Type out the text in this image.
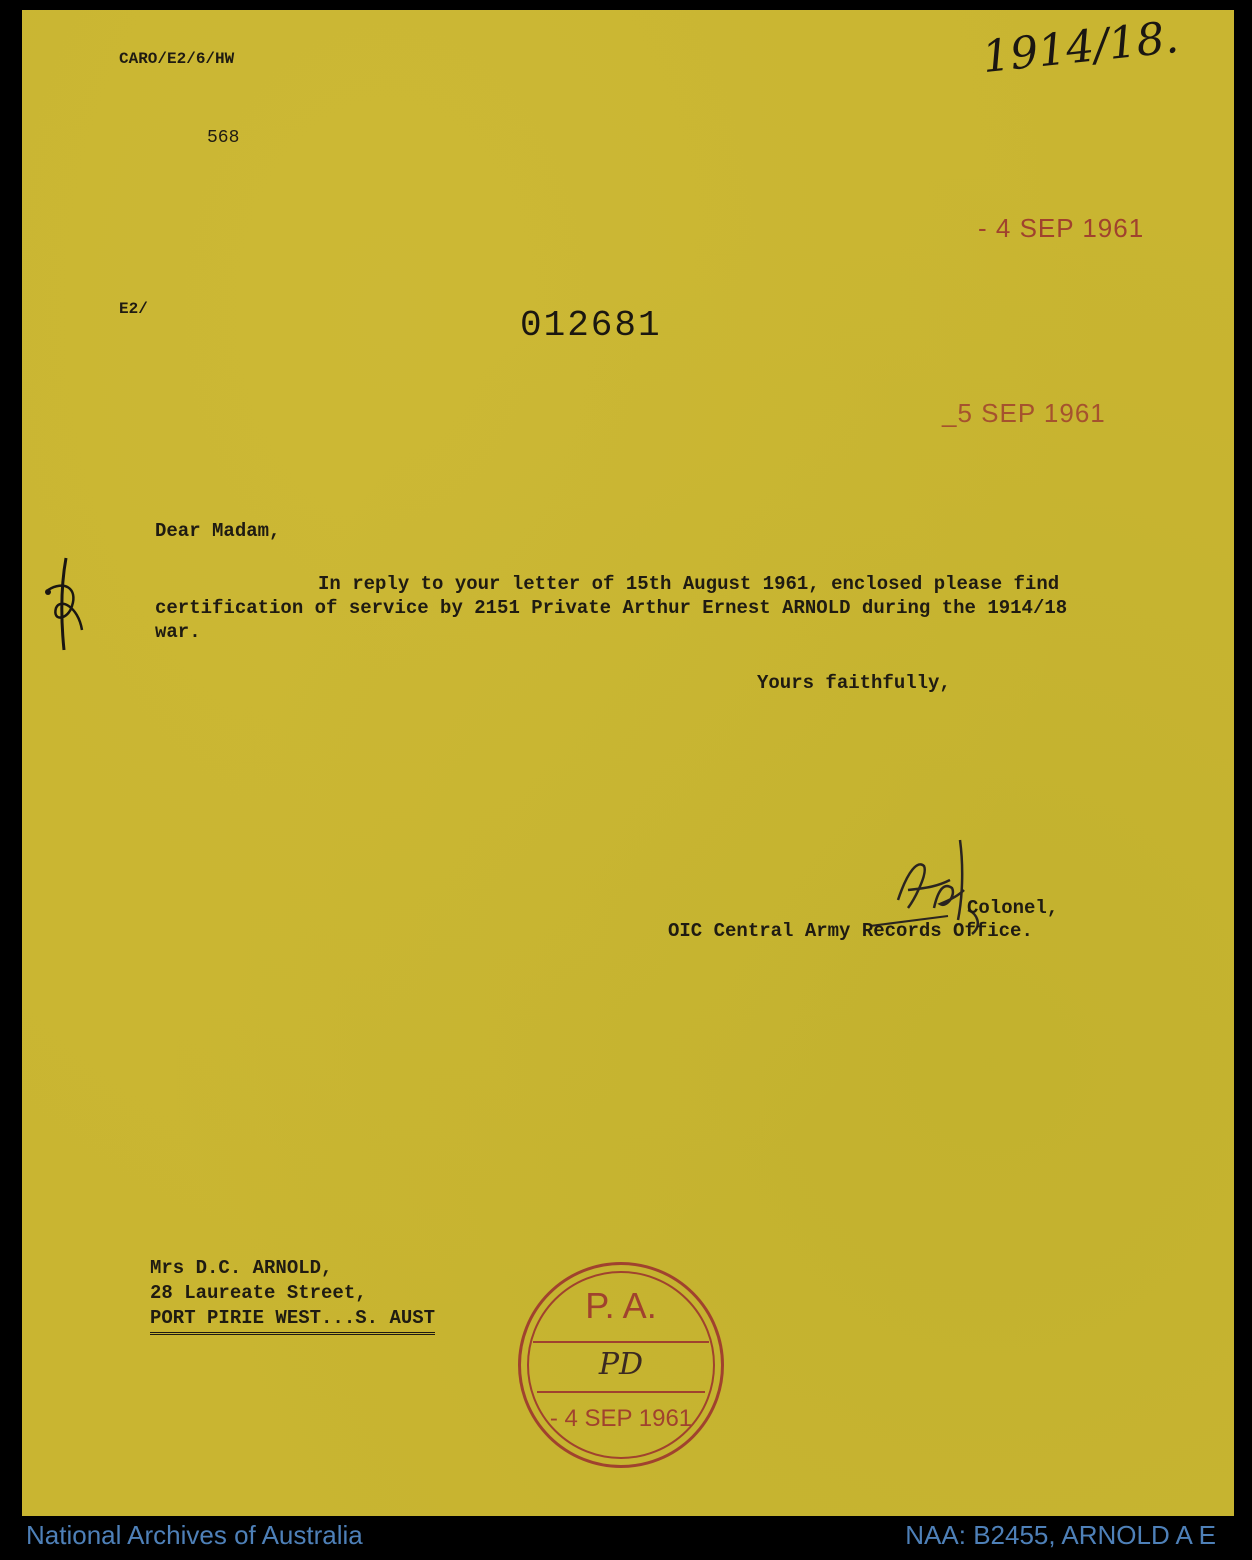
CARO/E2/6/HW
568
1914/18.
- 4 SEP 1961
E2/	012681
_5 SEP 1961
Dear Madam,
In reply to your letter of 15th August 1961, enclosed please find certification of service by 2151 Private Arthur Ernest ARNOLD during the 1914/18 war.
Yours faithfully,
Colonel,
OIC Central Army Records Office.
Mrs D.C. ARNOLD,
28 Laureate Street,
PORT PIRIE WEST...S. AUST	P. A.
PD
- 4 SEP 1961
National Archives of Australia	NAA: B2455, ARNOLD A E
